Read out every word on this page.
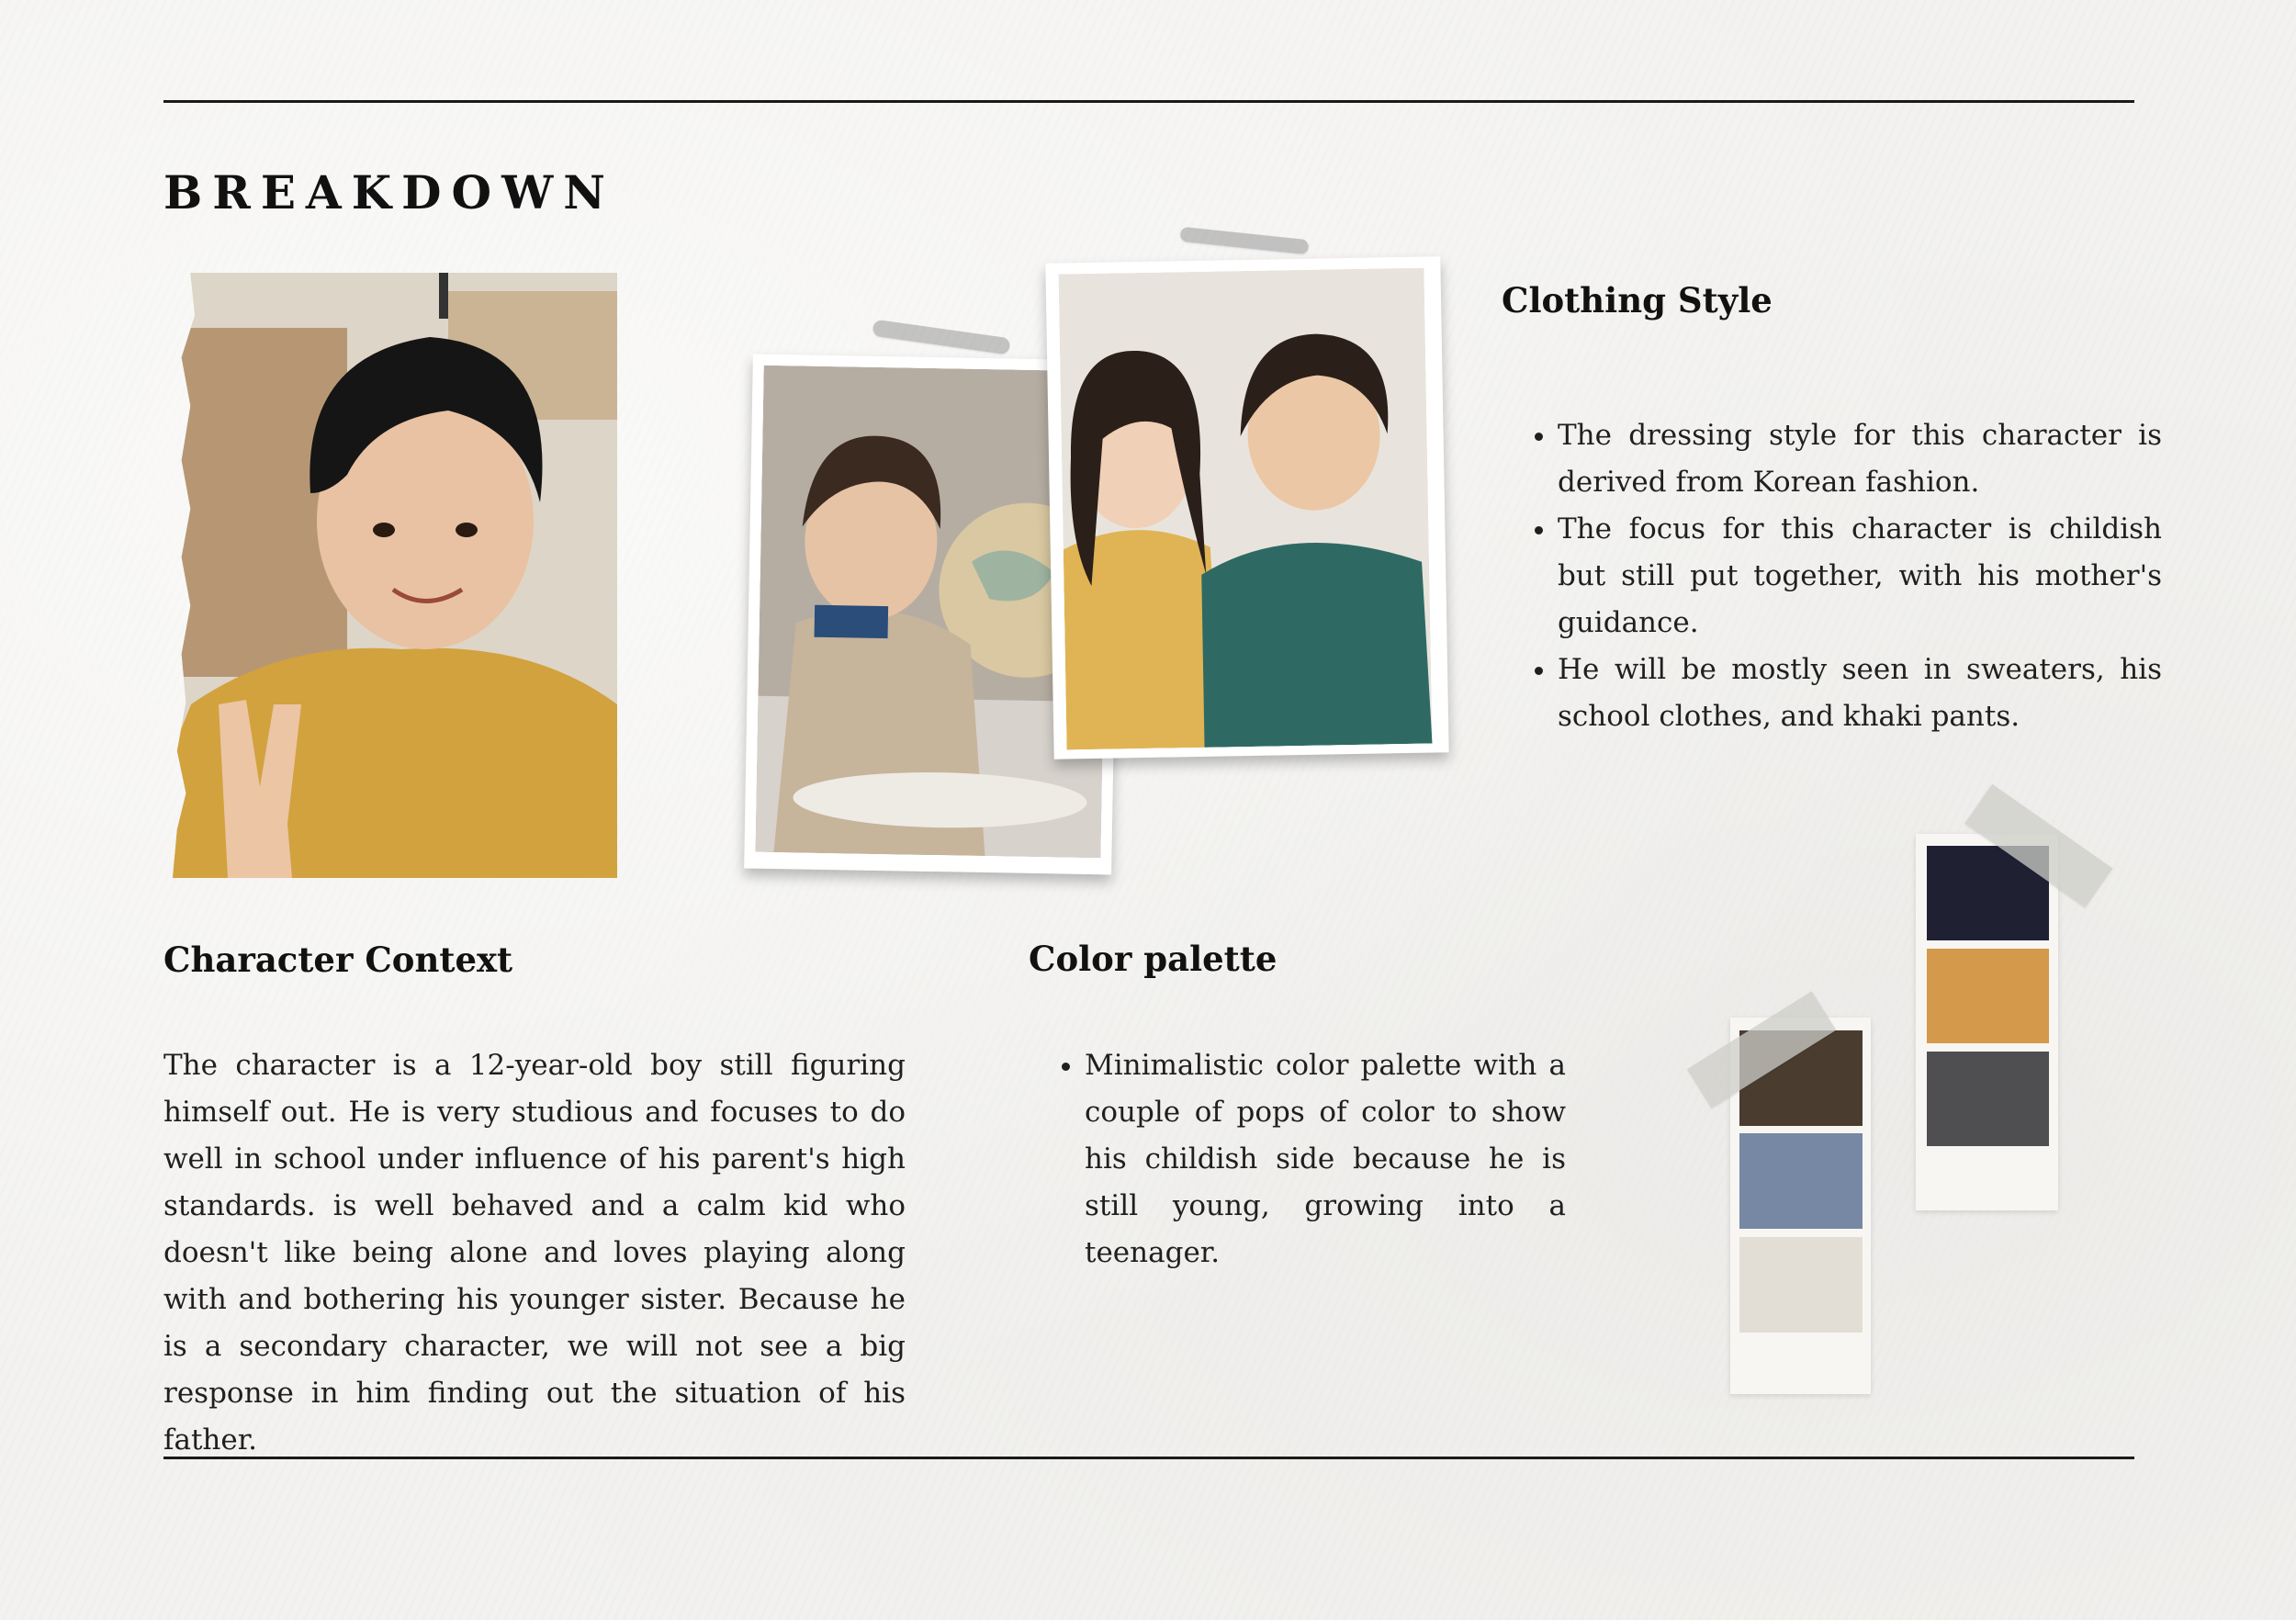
BREAKDOWN
Clothing Style
• The dressing style for this character is derived from Korean fashion.
• The focus for this character is childish but still put together, with his mother's guidance.
• He will be mostly seen in sweaters, his school clothes, and khaki pants.
Character Context

The character is a 12-year-old boy still figuring himself out. He is very studious and focuses to do well in school under influence of his parent's high standards. is well behaved and a calm kid who doesn't like being alone and loves playing along with and bothering his younger sister. Because he is a secondary character, we will not see a big response in him finding out the situation of his father.

Color palette
• Minimalistic color palette with a couple of pops of color to show his childish side because he is still young, growing into a teenager.
